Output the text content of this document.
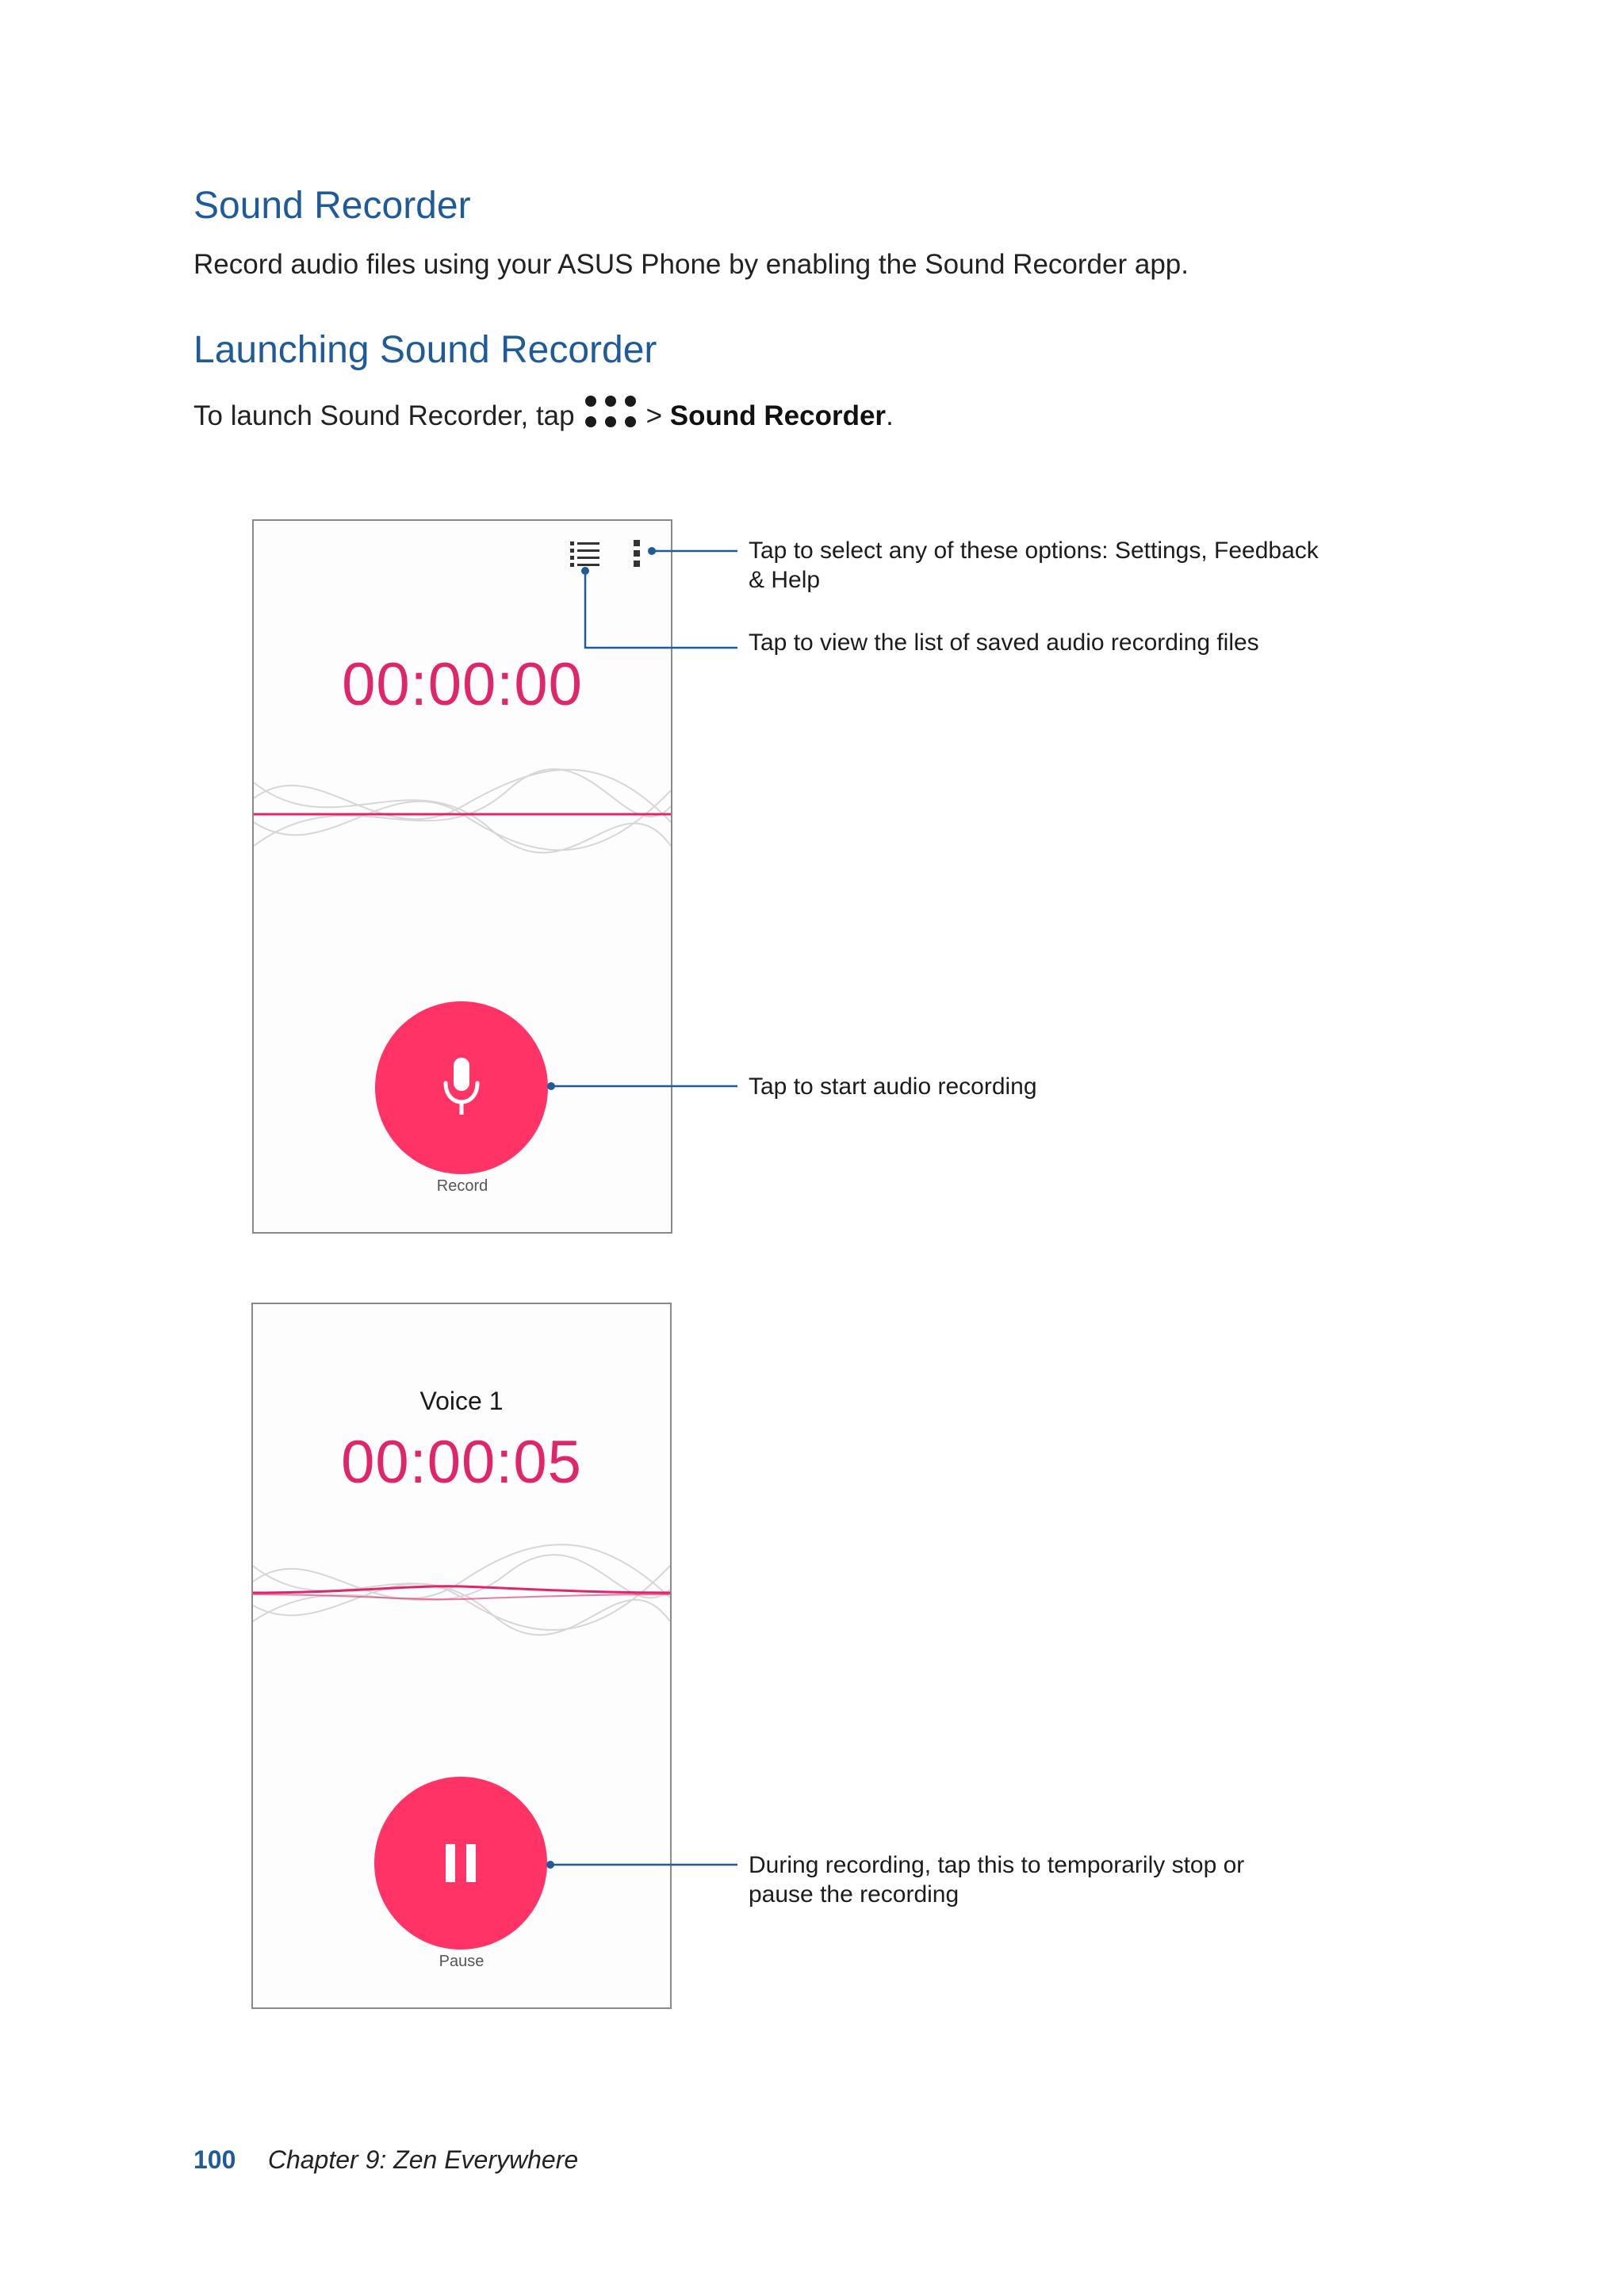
Sound Recorder
Record audio files using your ASUS Phone by enabling the Sound Recorder app.
Launching Sound Recorder
To launch Sound Recorder, tap	> Sound Recorder.
00:00:00
Record
Voice 1
00:00:05
Pause
Tap to select any of these options: Settings, Feedback & Help
Tap to view the list of saved audio recording files
Tap to start audio recording
During recording, tap this to temporarily stop or pause the recording
100 Chapter 9: Zen Everywhere
